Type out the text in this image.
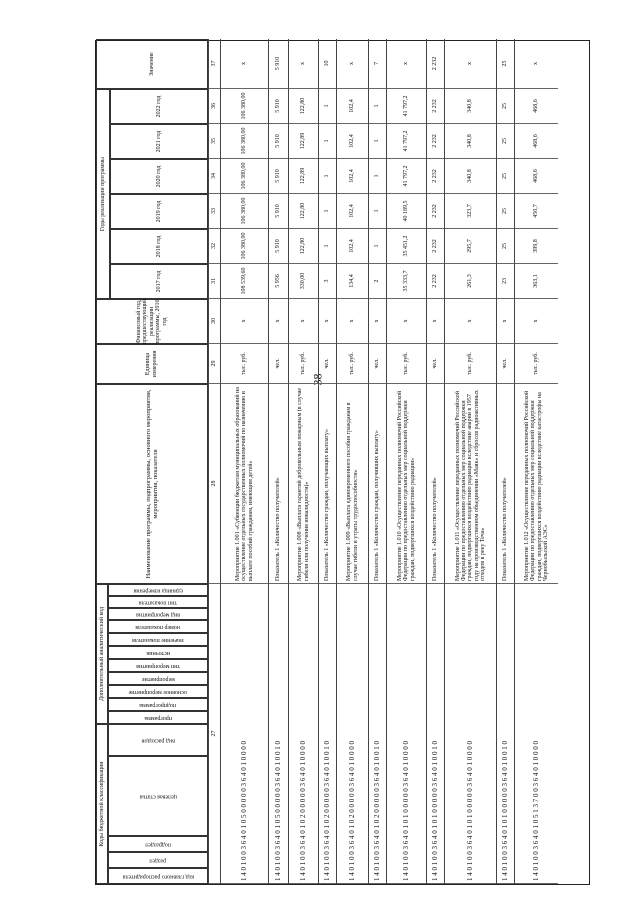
38
Коды бюджетной классификации
Дополнительный аналитический код
Наименование программы, подпрограммы, основного мероприятия, мероприятия, показателя
Единица измерения
Финансовый год, предшествующий реализации программы, 2016 год
Годы реализации программы
Значение
2017 год
2018 год
2019 год
2020 год
2021 год
2022 год
код главного распорядителя
раздел
подраздел
целевая статья
вид расходов
программа
подпрограмма
основное мероприятие
мероприятие
тип мероприятия
источник
значение показателя
номер показателя
вид мероприятия
тип показателя
единица измерения
27
28
29
30
31
32
33
34
35
36
37
1 4 0 1 0 0 3 6 4 0 1 0 5 0 0 0 0 0 3 6 4 0 1 0 0 0 0
Мероприятие 1.001 «Субвенции бюджетам муниципальных образований на осуществление отдельных государственных полномочий по назначению и выплате пособий гражданам, имеющим детей»
тыс. руб.
х
108 539,60
106 380,00
106 380,00
106 380,00
106 380,00
106 380,00
х
1 4 0 1 0 0 3 6 4 0 1 0 5 0 0 0 0 0 3 6 4 0 1 0 0 1 0
Показатель 1 «Количество получателей»
чел.
х
5 956
5 910
5 910
5 910
5 910
5 910
5 910
1 4 0 1 0 0 3 6 4 0 1 0 2 0 0 0 0 0 3 6 4 0 1 0 0 0 0
Мероприятие 1.008 «Выплата гарантий добровольным пожарным (в случае гибели или получения инвалидности)»
тыс. руб.
х
330,00
122,80
122,80
122,89
122,89
122,80
х
1 4 0 1 0 0 3 6 4 0 1 0 2 0 0 0 0 0 3 6 4 0 1 0 0 1 0
Показатель 1 «Количество граждан, получающих выплату»
чел.
х
3
1
1
1
1
1
10
1 4 0 1 0 0 3 6 4 0 1 0 2 0 0 0 0 0 3 6 4 0 1 0 0 0 0
Мероприятие 1.009 «Выплата единовременного пособия гражданам в случае гибели и утраты трудоспособности»
тыс. руб.
х
134,4
102,4
102,4
102,4
102,4
102,4
х
1 4 0 1 0 0 3 6 4 0 1 0 2 0 0 0 0 0 3 6 4 0 1 0 0 1 0
Показатель 1 «Количество граждан, получивших выплату»
чел.
х
2
1
1
1
1
1
7
1 4 0 1 0 0 3 6 4 0 1 0 1 0 0 0 0 0 3 6 4 0 1 0 0 0 0
Мероприятие 1.010 «Осуществление переданных полномочий Российской Федерации по предоставлению отдельных мер социальной поддержки граждан, подвергшихся воздействию радиации»
тыс. руб.
х
35 333,7
35 451,2
40 189,5
41 797,2
41 797,2
41 797,2
х
1 4 0 1 0 0 3 6 4 0 1 0 1 0 0 0 0 0 3 6 4 0 1 0 0 1 0
Показатель 1 «Количество получателей»
чел.
х
2 232
2 232
2 232
2 232
2 232
2 232
2 232
1 4 0 1 0 0 3 6 4 0 1 0 1 0 0 0 0 0 3 6 4 0 1 0 0 0 0
Мероприятие 1.011 «Осуществление переданных полномочий Российской Федерации по предоставлению отдельных мер социальной поддержки граждан, подвергшихся воздействию радиации вследствие аварии в 1957 году на производственном объединении «Маяк» и сбросов радиоактивных отходов в реку Теча»
тыс. руб.
х
261,3
295,7
323,7
340,8
340,8
340,8
х
1 4 0 1 0 0 3 6 4 0 1 0 1 0 0 0 0 0 3 6 4 0 1 0 0 1 0
Показатель 1 «Количество получателей»
чел.
х
23
25
25
25
25
25
25
1 4 0 1 0 0 3 6 4 0 1 0 5 1 3 7 0 0 3 6 4 0 1 0 0 0 0
Мероприятие 1.012 «Осуществление переданных полномочий Российской Федерации по предоставлению отдельных мер социальной поддержки граждан, подвергшихся воздействию радиации вследствие катастрофы на Чернобыльской АЭС»
тыс. руб.
х
363,1
399,8
450,7
468,6
468,6
468,6
х
